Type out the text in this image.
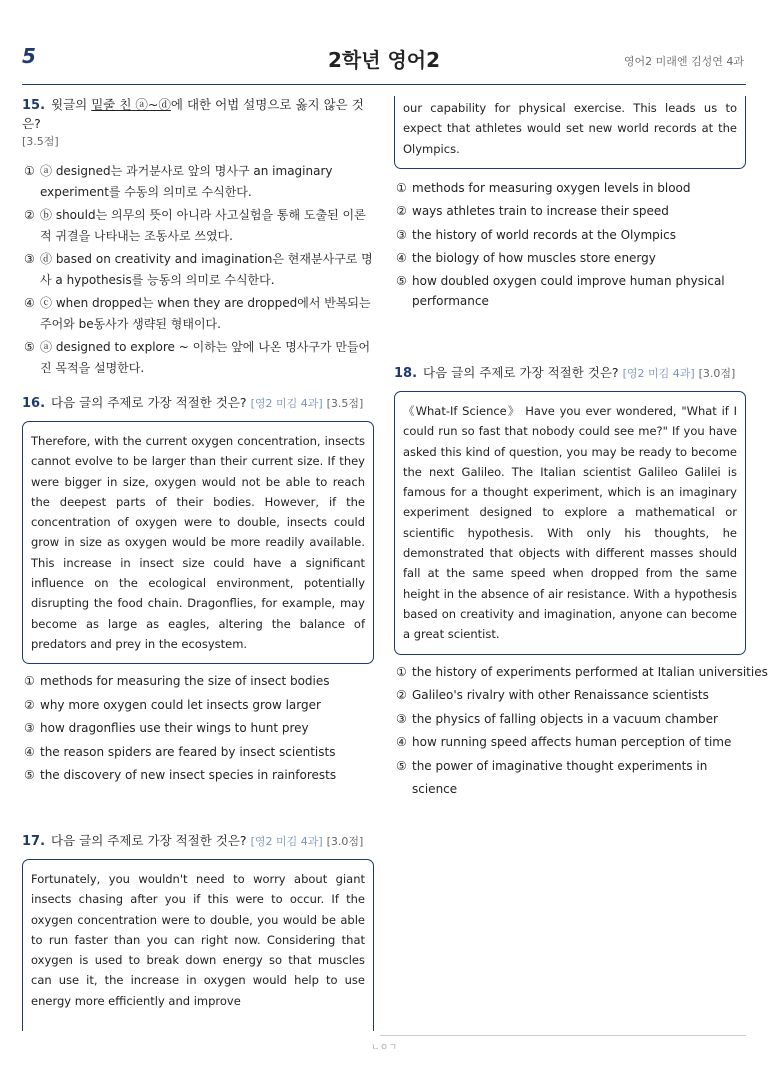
5	2학년 영어2	영어2 미래엔 김성연 4과

15. 윗글의 밑줄 친 ⓐ~ⓓ에 대한 어법 설명으로 옳지 않은 것은?

[3.5점]

① ⓐ designed는 과거분사로 앞의 명사구 an imaginary experiment를 수동의 의미로 수식한다.
② ⓑ should는 의무의 뜻이 아니라 사고실험을 통해 도출된 이론적 귀결을 나타내는 조동사로 쓰였다.
③ ⓓ based on creativity and imagination은 현재분사구로 명사 a hypothesis를 능동의 의미로 수식한다.
④ ⓒ when dropped는 when they are dropped에서 반복되는 주어와 be동사가 생략된 형태이다.
⑤ ⓐ designed to explore ~ 이하는 앞에 나온 명사구가 만들어진 목적을 설명한다.

16. 다음 글의 주제로 가장 적절한 것은? [영2 미김 4과] [3.5점]

Therefore, with the current oxygen concentration, insects cannot evolve to be larger than their current size. If they were bigger in size, oxygen would not be able to reach the deepest parts of their bodies. However, if the concentration of oxygen were to double, insects could grow in size as oxygen would be more readily available. This increase in insect size could have a significant influence on the ecological environment, potentially disrupting the food chain. Dragonflies, for example, may become as large as eagles, altering the balance of predators and prey in the ecosystem.
① methods for measuring the size of insect bodies
② why more oxygen could let insects grow larger
③ how dragonflies use their wings to hunt prey
④ the reason spiders are feared by insect scientists
⑤ the discovery of new insect species in rainforests

17. 다음 글의 주제로 가장 적절한 것은? [영2 미김 4과] [3.0점]

Fortunately, you wouldn't need to worry about giant insects chasing after you if this were to occur. If the oxygen concentration were to double, you would be able to run faster than you can right now. Considering that oxygen is used to break down energy so that muscles can use it, the increase in oxygen would help to use energy more efficiently and improve
our capability for physical exercise. This leads us to expect that athletes would set new world records at the Olympics.
① methods for measuring oxygen levels in blood
② ways athletes train to increase their speed
③ the history of world records at the Olympics
④ the biology of how muscles store energy
⑤ how doubled oxygen could improve human physical performance

18. 다음 글의 주제로 가장 적절한 것은? [영2 미김 4과] [3.0점]

《What-If Science》 Have you ever wondered, "What if I could run so fast that nobody could see me?" If you have asked this kind of question, you may be ready to become the next Galileo. The Italian scientist Galileo Galilei is famous for a thought experiment, which is an imaginary experiment designed to explore a mathematical or scientific hypothesis. With only his thoughts, he demonstrated that objects with different masses should fall at the same speed when dropped from the same height in the absence of air resistance. With a hypothesis based on creativity and imagination, anyone can become a great scientist.
① the history of experiments performed at Italian universities
② Galileo's rivalry with other Renaissance scientists
③ the physics of falling objects in a vacuum chamber
④ how running speed affects human perception of time
⑤ the power of imaginative thought experiments in science
ㄴㅇㄱ
